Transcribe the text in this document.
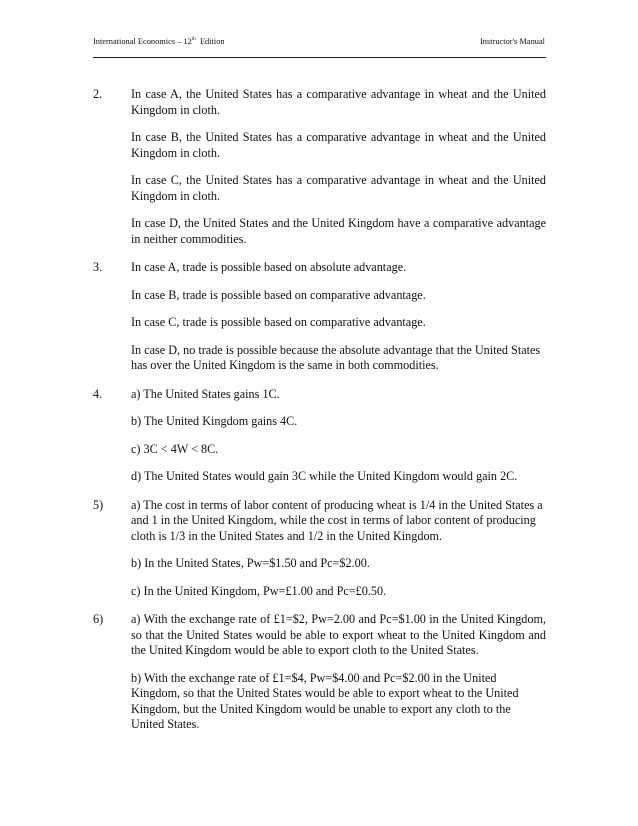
International Economics – 12th Edition	Instructor's Manual
2.	In case A, the United States has a comparative advantage in wheat and the United Kingdom in cloth.

In case B, the United States has a comparative advantage in wheat and the United Kingdom in cloth.

In case C, the United States has a comparative advantage in wheat and the United Kingdom in cloth.

In case D, the United States and the United Kingdom have a comparative advantage in neither commodities.

3.	In case A, trade is possible based on absolute advantage.

In case B, trade is possible based on comparative advantage.

In case C, trade is possible based on comparative advantage.

In case D, no trade is possible because the absolute advantage that the United States has over the United Kingdom is the same in both commodities.

4.	a) The United States gains 1C.

b) The United Kingdom gains 4C.

c) 3C < 4W < 8C.

d) The United States would gain 3C while the United Kingdom would gain 2C.

5)	a) The cost in terms of labor content of producing wheat is 1/4 in the United States a and 1 in the United Kingdom, while the cost in terms of labor content of producing cloth is 1/3 in the United States and 1/2 in the United Kingdom.

b) In the United States, Pw=$1.50 and Pc=$2.00.

c) In the United Kingdom, Pw=£1.00 and Pc=£0.50.

6)	a) With the exchange rate of £1=$2, Pw=2.00 and Pc=$1.00 in the United Kingdom, so that the United States would be able to export wheat to the United Kingdom and the United Kingdom would be able to export cloth to the United States.

b) With the exchange rate of £1=$4, Pw=$4.00 and Pc=$2.00 in the United Kingdom, so that the United States would be able to export wheat to the United Kingdom, but the United Kingdom would be unable to export any cloth to the United States.
